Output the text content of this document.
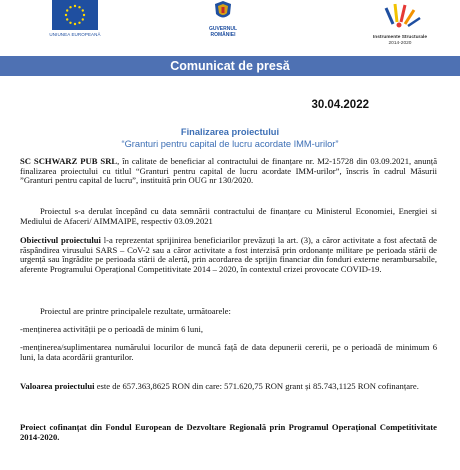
UNIUNEA EUROPEANĂ
GUVERNUL ROMÂNIEI	Instrumente Structurale
2014-2020
Comunicat de presă
30.04.2022
Finalizarea proiectului
“Granturi pentru capital de lucru acordate IMM-urilor”

SC SCHWARZ PUB SRL, în calitate de beneficiar al contractului de finanțare nr. M2-15728 din 03.09.2021, anunță finalizarea proiectului cu titlul “Granturi pentru capital de lucru acordate IMM-urilor”, înscris în cadrul Măsurii ”Granturi pentru capital de lucru”, instituită prin OUG nr 130/2020.

Proiectul s-a derulat începând cu data semnării contractului de finanțare cu Ministerul Economiei, Energiei si Mediului de Afaceri/ AIMMAIPE, respectiv 03.09.2021

Obiectivul proiectului l-a reprezentat sprijinirea beneficiarilor prevăzuți la art. (3), a căror activitate a fost afectată de răspândirea virusului SARS – CoV-2 sau a căror activitate a fost interzisă prin ordonanțe militare pe perioada stării de urgență sau îngrădite pe perioada stării de alertă, prin acordarea de sprijin financiar din fonduri externe nerambursabile, aferente Programului Operațional Competitivitate 2014 – 2020, în contextul crizei provocate COVID-19.

Proiectul are printre principalele rezultate, următoarele:

-menținerea activității pe o perioadă de minim 6 luni,

-menținerea/suplimentarea numărului locurilor de muncă față de data depunerii cererii, pe o perioadă de minimum 6 luni, la data acordării granturilor.

Valoarea proiectului este de 657.363,8625 RON din care: 571.620,75 RON grant și 85.743,1125 RON cofinanțare.

Proiect cofinanțat din Fondul European de Dezvoltare Regională prin Programul Operațional Competitivitate 2014-2020.
